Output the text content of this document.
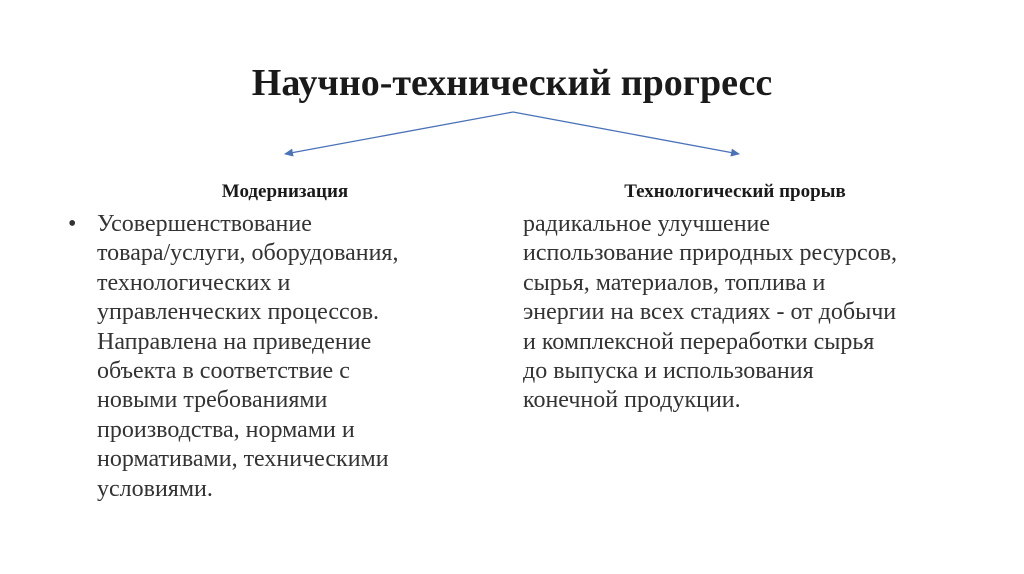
Научно-технический прогресс
Модернизация	Технологический прорыв
• Усовершенствование
товара/услуги, оборудования,
технологических и
управленческих процессов.
Направлена на приведение
объекта в соответствие с
новыми требованиями
производства, нормами и
нормативами, техническими
условиями.
радикальное улучшение
использование природных ресурсов,
сырья, материалов, топлива и
энергии на всех стадиях - от добычи
и комплексной переработки сырья
до выпуска и использования
конечной продукции.
